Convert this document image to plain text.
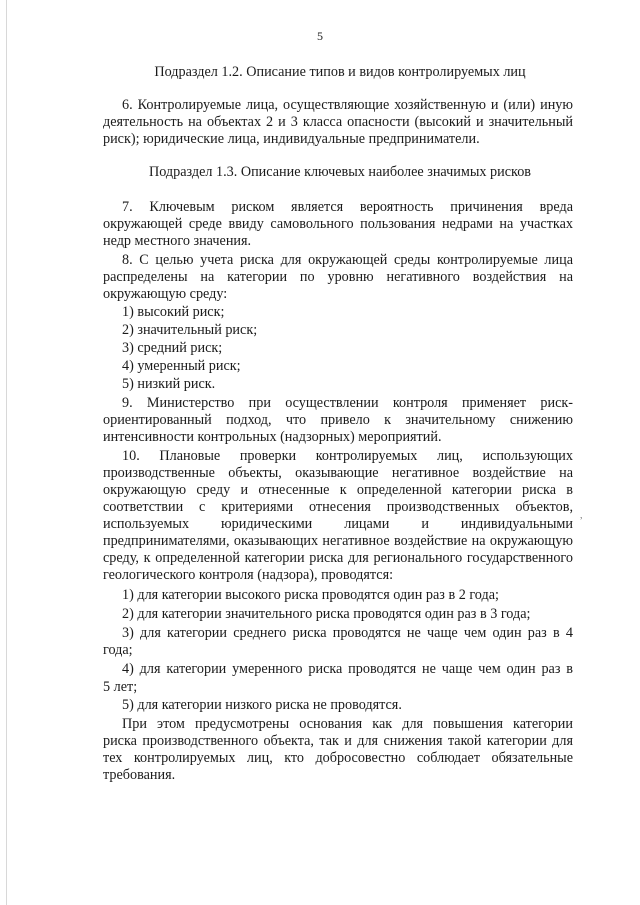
5
Подраздел 1.2. Описание типов и видов контролируемых лиц
6. Контролируемые лица, осуществляющие хозяйственную и (или) иную
деятельность на объектах 2 и 3 класса опасности (высокий и значительный
риск); юридические лица, индивидуальные предприниматели.
Подраздел 1.3. Описание ключевых наиболее значимых рисков
7. Ключевым риском является вероятность причинения вреда
окружающей среде ввиду самовольного пользования недрами на участках
недр местного значения.
8. С целью учета риска для окружающей среды контролируемые лица
распределены на категории по уровню негативного воздействия на
окружающую среду:
1) высокий риск;
2) значительный риск;
3) средний риск;
4) умеренный риск;
5) низкий риск.
9. Министерство при осуществлении контроля применяет риск-
ориентированный подход, что привело к значительному снижению
интенсивности контрольных (надзорных) мероприятий.
10. Плановые проверки контролируемых лиц, использующих
производственные объекты, оказывающие негативное воздействие на
окружающую среду и отнесенные к определенной категории риска в
соответствии с критериями отнесения производственных объектов,
используемых юридическими лицами и индивидуальными
предпринимателями, оказывающих негативное воздействие на окружающую
среду, к определенной категории риска для регионального государственного
геологического контроля (надзора), проводятся:
,
1) для категории высокого риска проводятся один раз в 2 года;
2) для категории значительного риска проводятся один раз в 3 года;
3) для категории среднего риска проводятся не чаще чем один раз в 4
года;
4) для категории умеренного риска проводятся не чаще чем один раз в
5 лет;
5) для категории низкого риска не проводятся.
При этом предусмотрены основания как для повышения категории
риска производственного объекта, так и для снижения такой категории для
тех контролируемых лиц, кто добросовестно соблюдает обязательные
требования.
